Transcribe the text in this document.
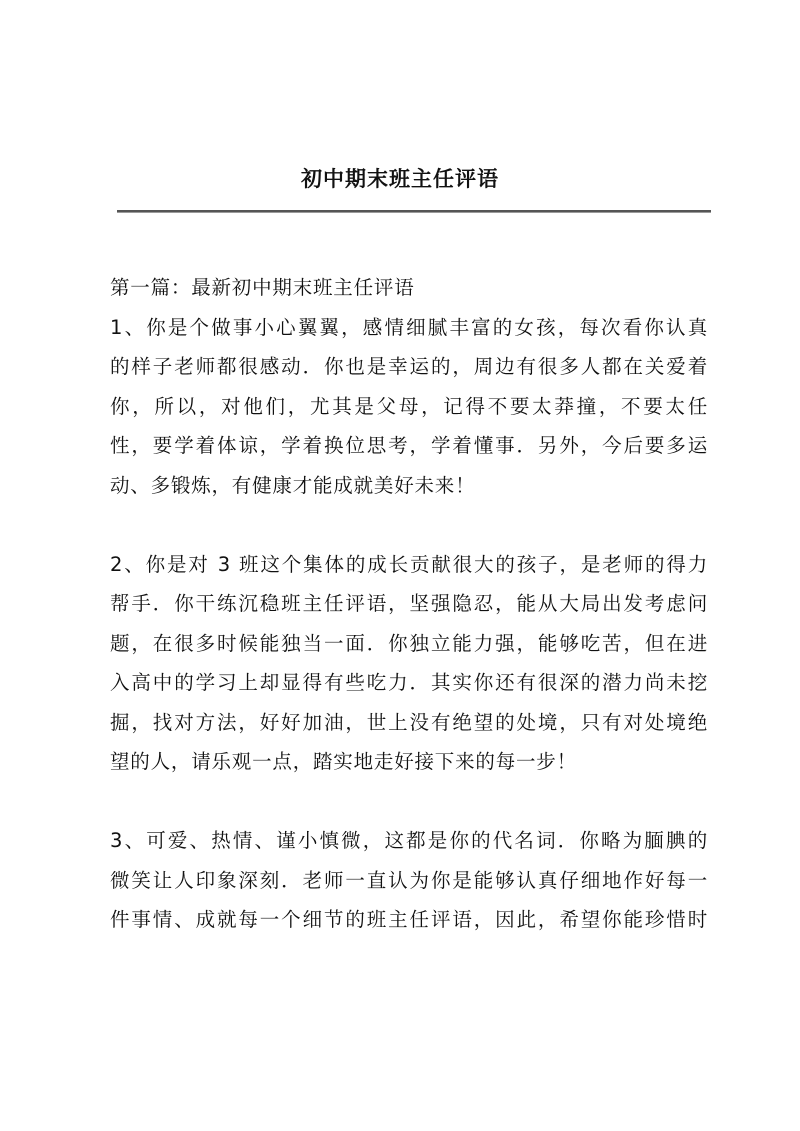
初中期末班主任评语
第一篇：最新初中期末班主任评语
1、你是个做事小心翼翼，感情细腻丰富的女孩，每次看你认真
的样子老师都很感动．你也是幸运的，周边有很多人都在关爱着
你，所以，对他们，尤其是父母，记得不要太莽撞，不要太任
性，要学着体谅，学着换位思考，学着懂事．另外，今后要多运
动、多锻炼，有健康才能成就美好未来！
2、你是对 3 班这个集体的成长贡献很大的孩子，是老师的得力
帮手．你干练沉稳班主任评语，坚强隐忍，能从大局出发考虑问
题，在很多时候能独当一面．你独立能力强，能够吃苦，但在进
入高中的学习上却显得有些吃力．其实你还有很深的潜力尚未挖
掘，找对方法，好好加油，世上没有绝望的处境，只有对处境绝
望的人，请乐观一点，踏实地走好接下来的每一步！
3、可爱、热情、谨小慎微，这都是你的代名词．你略为腼腆的
微笑让人印象深刻．老师一直认为你是能够认真仔细地作好每一
件事情、成就每一个细节的班主任评语，因此，希望你能珍惜时
